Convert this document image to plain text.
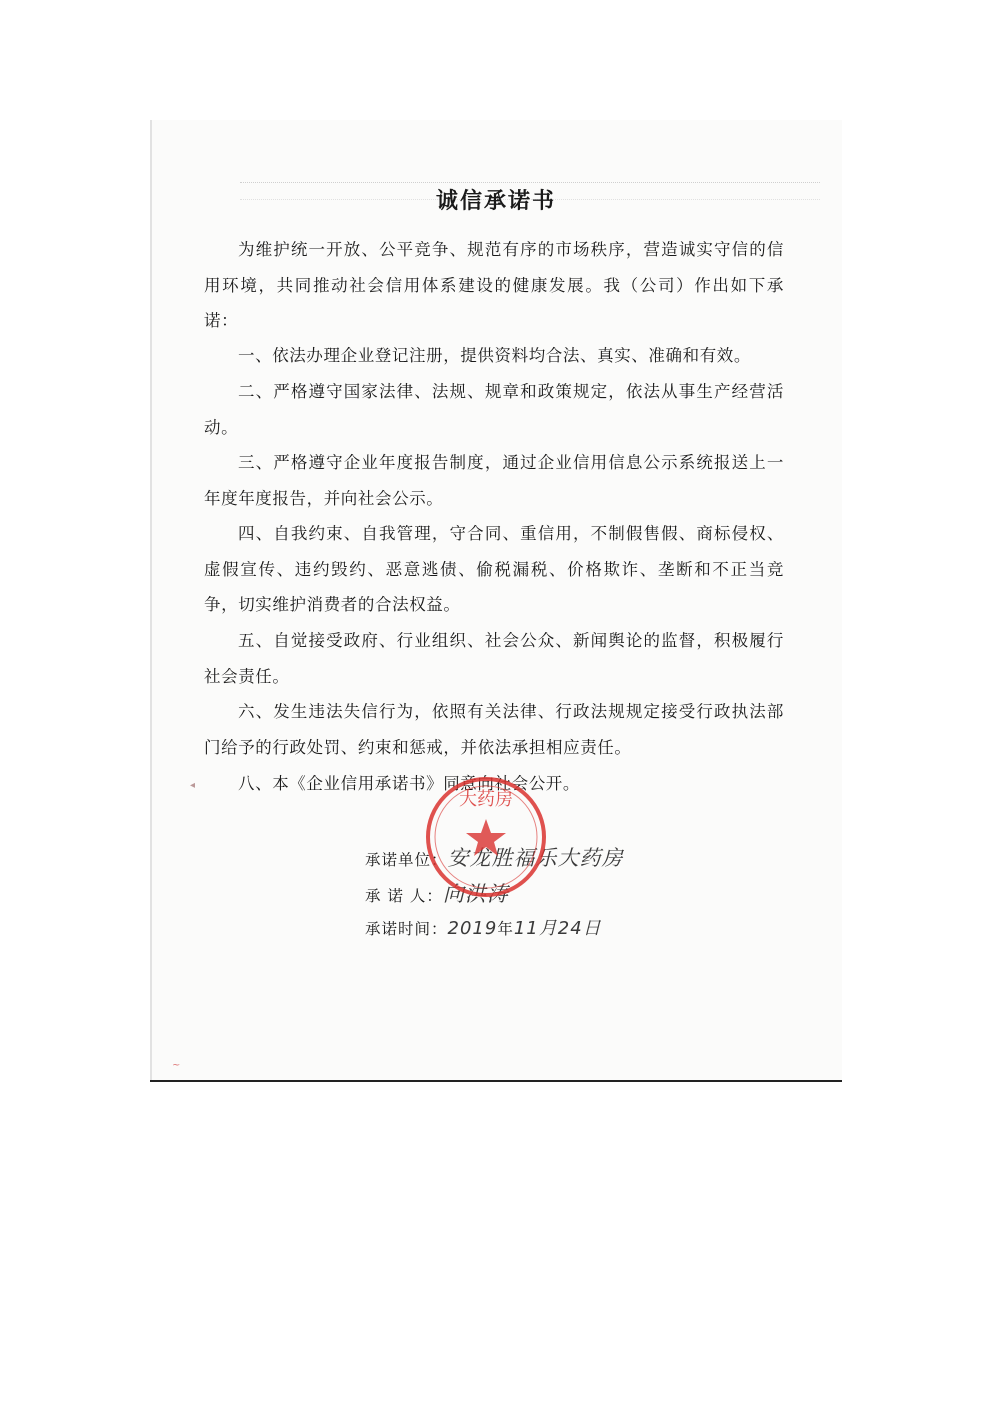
诚信承诺书

为维护统一开放、公平竞争、规范有序的市场秩序，营造诚实守信的信用环境，共同推动社会信用体系建设的健康发展。我（公司）作出如下承诺：

一、依法办理企业登记注册，提供资料均合法、真实、准确和有效。

二、严格遵守国家法律、法规、规章和政策规定，依法从事生产经营活动。

三、严格遵守企业年度报告制度，通过企业信用信息公示系统报送上一年度年度报告，并向社会公示。

四、自我约束、自我管理，守合同、重信用，不制假售假、商标侵权、虚假宣传、违约毁约、恶意逃债、偷税漏税、价格欺诈、垄断和不正当竞争，切实维护消费者的合法权益。

五、自觉接受政府、行业组织、社会公众、新闻舆论的监督，积极履行社会责任。

六、发生违法失信行为，依照有关法律、行政法规规定接受行政执法部门给予的行政处罚、约束和惩戒，并依法承担相应责任。

八、本《企业信用承诺书》同意向社会公开。

承诺单位：安龙胜福乐大药房
承 诺 人：向洪涛
承诺时间：2019年11月24日
大药房
◂
~
